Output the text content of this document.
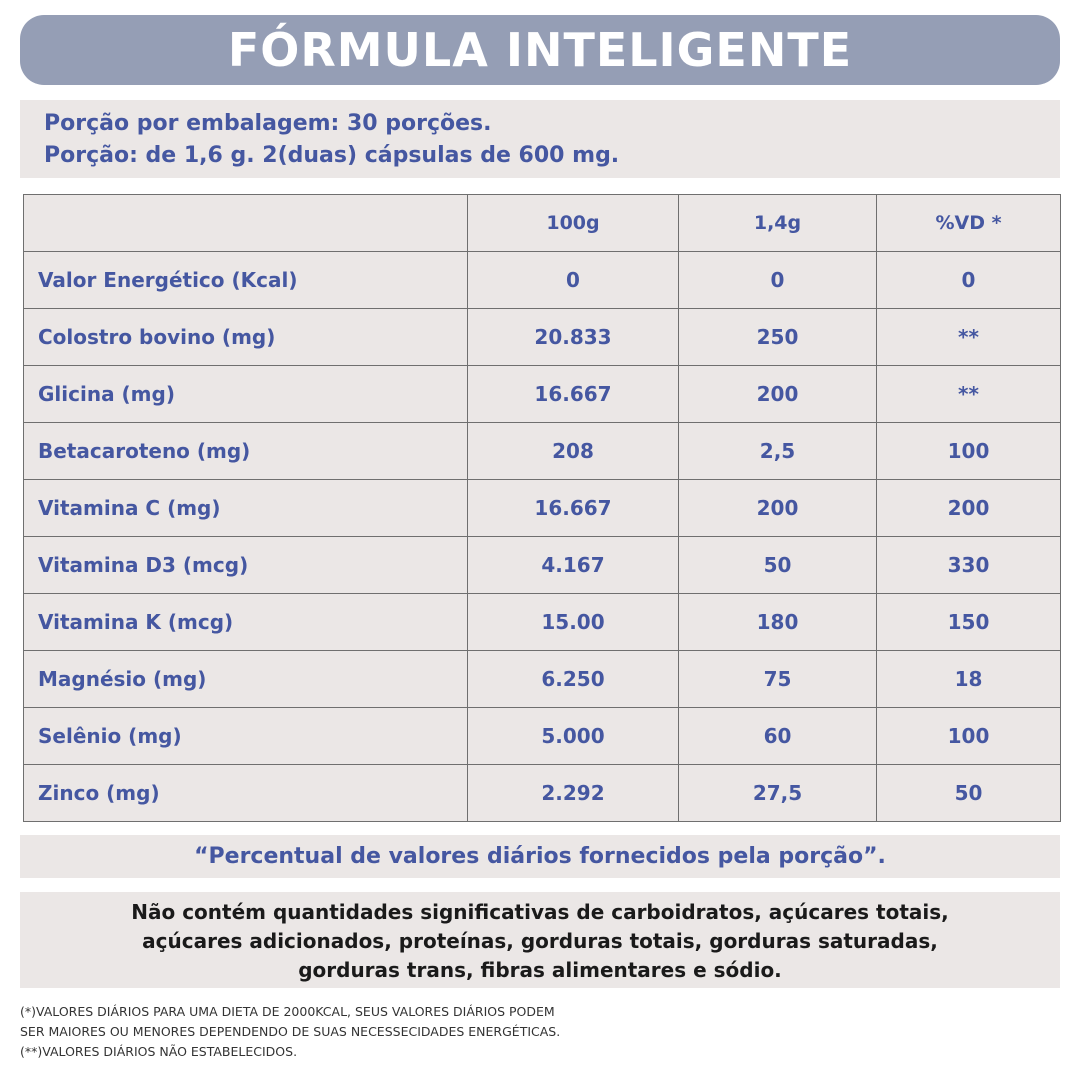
FÓRMULA INTELIGENTE
Porção por embalagem: 30 porções.
Porção: de 1,6 g. 2(duas) cápsulas de 600 mg.
	100g	1,4g	%VD *
Valor Energético (Kcal)	0	0	0
Colostro bovino (mg)	20.833	250	**
Glicina (mg)	16.667	200	**
Betacaroteno (mg)	208	2,5	100
Vitamina C (mg)	16.667	200	200
Vitamina D3 (mcg)	4.167	50	330
Vitamina K (mcg)	15.00	180	150
Magnésio (mg)	6.250	75	18
Selênio (mg)	5.000	60	100
Zinco (mg)	2.292	27,5	50
“Percentual de valores diários fornecidos pela porção”.
Não contém quantidades significativas de carboidratos, açúcares totais,
açúcares adicionados, proteínas, gorduras totais, gorduras saturadas,
gorduras trans, fibras alimentares e sódio.
(*)VALORES DIÁRIOS PARA UMA DIETA DE 2000KCAL, SEUS VALORES DIÁRIOS PODEM
SER MAIORES OU MENORES DEPENDENDO DE SUAS NECESSECIDADES ENERGÉTICAS.
(**)VALORES DIÁRIOS NÃO ESTABELECIDOS.
